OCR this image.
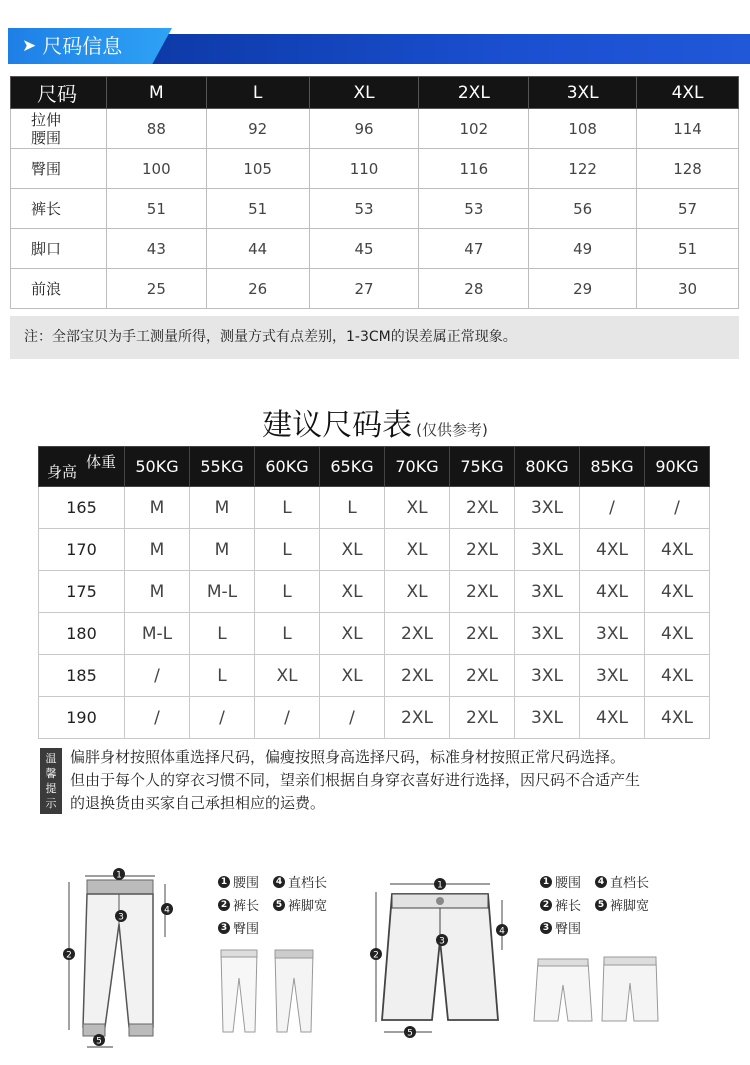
➤ 尺码信息
尺码	M	L	XL	2XL	3XL	4XL

拉伸
腰围	88	92	96	102	108	114
臀围	100	105	110	116	122	128
裤长	51	51	53	53	56	57
脚口	43	44	45	47	49	51
前浪	25	26	27	28	29	30
注：全部宝贝为手工测量所得，测量方式有点差别，1-3CM的误差属正常现象。
建议尺码表 (仅供参考)
体重
身高	50KG	55KG	60KG	65KG	70KG	75KG	80KG	85KG	90KG
165	M	M	L	L	XL	2XL	3XL	/	/
170	M	M	L	XL	XL	2XL	3XL	4XL	4XL
175	M	M-L	L	XL	XL	2XL	3XL	4XL	4XL
180	M-L	L	L	XL	2XL	2XL	3XL	3XL	4XL
185	/	L	XL	XL	2XL	2XL	3XL	3XL	4XL
190	/	/	/	/	2XL	2XL	3XL	4XL	4XL
温
馨
提
示
偏胖身材按照体重选择尺码，偏瘦按照身高选择尺码，标准身材按照正常尺码选择。
但由于每个人的穿衣习惯不同，望亲们根据自身穿衣喜好进行选择，因尺码不合适产生
的退换货由买家自己承担相应的运费。
1
2
3
4
5
1 腰围	4 直档长
2 裤长	5 裤脚宽
3 臀围
1
2
3
4
5
1 腰围	4 直档长
2 裤长	5 裤脚宽
3 臀围
